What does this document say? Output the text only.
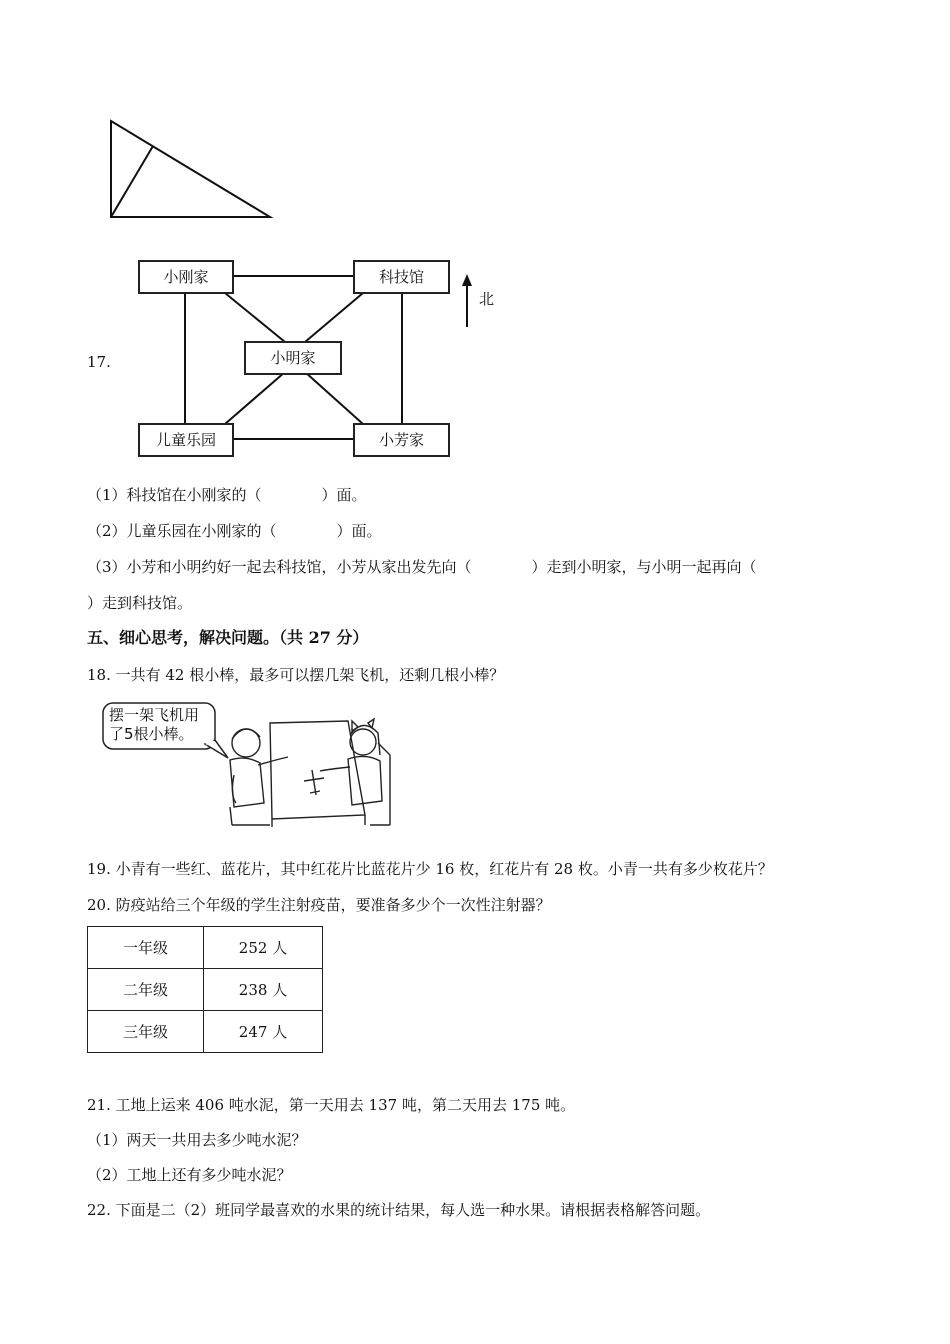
17.
小刚家	科技馆
小明家
儿童乐园	小芳家
北
（1）科技馆在小刚家的（　　　　）面。
（2）儿童乐园在小刚家的（　　　　）面。
（3）小芳和小明约好一起去科技馆，小芳从家出发先向（　　　　）走到小明家，与小明一起再向（
）走到科技馆。
五、细心思考，解决问题。（共 27 分）
18. 一共有 42 根小棒，最多可以摆几架飞机，还剩几根小棒？
摆一架飞机用
了5根小棒。
19. 小青有一些红、蓝花片，其中红花片比蓝花片少 16 枚，红花片有 28 枚。小青一共有多少枚花片？
20. 防疫站给三个年级的学生注射疫苗，要准备多少个一次性注射器？
一年级	252 人
二年级	238 人
三年级	247 人
21. 工地上运来 406 吨水泥，第一天用去 137 吨，第二天用去 175 吨。
（1）两天一共用去多少吨水泥？
（2）工地上还有多少吨水泥？
22. 下面是二（2）班同学最喜欢的水果的统计结果，每人选一种水果。请根据表格解答问题。
